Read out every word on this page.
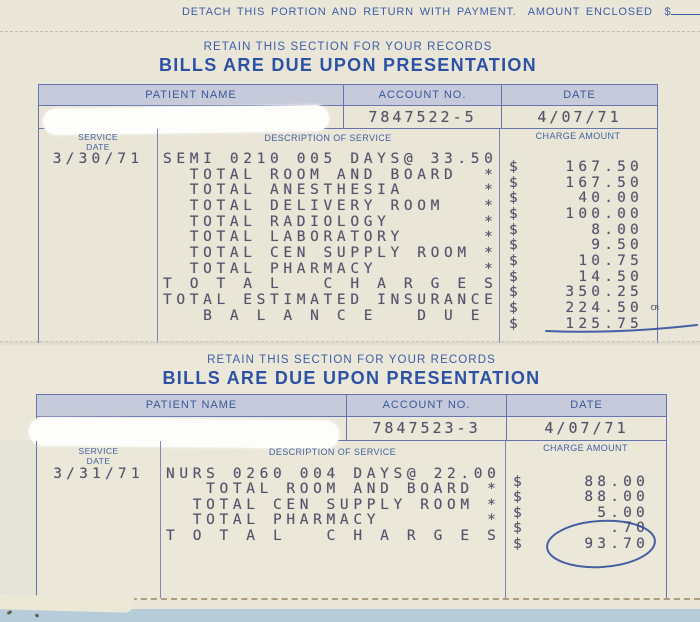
DETACH THIS PORTION AND RETURN WITH PAYMENT.  AMOUNT ENCLOSED  $
RETAIN THIS SECTION FOR YOUR RECORDS
BILLS ARE DUE UPON PRESENTATION
PATIENT NAME	ACCOUNT NO.	DATE
7847522-5	4/07/71
SERVICE
DATE
DESCRIPTION OF SERVICE	CHARGE AMOUNT
3/30/71	SEMI 0210 005 DAYS@ 33.50 $	167.50
TOTAL ROOM AND BOARD  * $	167.50
TOTAL ANESTHESIA      * $	40.00
TOTAL DELIVERY ROOM   * $	100.00
TOTAL RADIOLOGY       * $	8.00
TOTAL LABORATORY      * $	9.50
TOTAL CEN SUPPLY ROOM * $	10.75
TOTAL PHARMACY        * $	14.50
T O T A L   C H A R G E S $	350.25
TOTAL ESTIMATED INSURANCE $	224.50 CR
B A L A N C E   D U E	$	125.75
RETAIN THIS SECTION FOR YOUR RECORDS
BILLS ARE DUE UPON PRESENTATION
PATIENT NAME	ACCOUNT NO.	DATE
7847523-3	4/07/71
SERVICE
DATE
DESCRIPTION OF SERVICE	CHARGE AMOUNT
3/31/71	NURS 0260 004 DAYS@ 22.00 $	88.00
TOTAL ROOM AND BOARD * $	88.00
TOTAL CEN SUPPLY ROOM * $	5.00
TOTAL PHARMACY        * $	.70
T O T A L   C H A R G E S $	93.70
